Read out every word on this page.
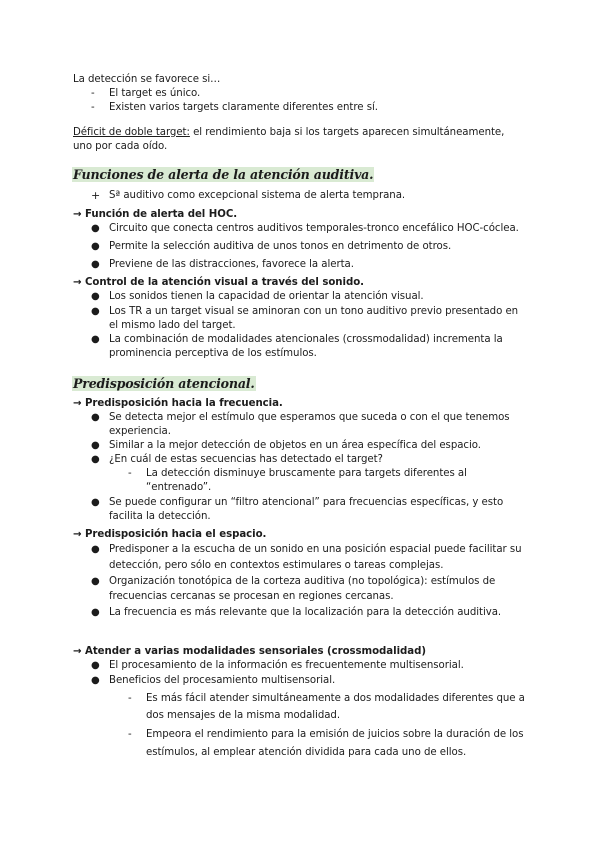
La detección se favorece si…
- El target es único.
- Existen varios targets claramente diferentes entre sí.
Déficit de doble target: el rendimiento baja si los targets aparecen simultáneamente,
uno por cada oído.
Funciones de alerta de la atención auditiva.
+ Sª auditivo como excepcional sistema de alerta temprana.
→ Función de alerta del HOC.
● Circuito que conecta centros auditivos temporales-tronco encefálico HOC-cóclea.
● Permite la selección auditiva de unos tonos en detrimento de otros.
● Previene de las distracciones, favorece la alerta.
→ Control de la atención visual a través del sonido.
● Los sonidos tienen la capacidad de orientar la atención visual.
● Los TR a un target visual se aminoran con un tono auditivo previo presentado en
el mismo lado del target.
● La combinación de modalidades atencionales (crossmodalidad) incrementa la
prominencia perceptiva de los estímulos.
Predisposición atencional.
→ Predisposición hacia la frecuencia.
● Se detecta mejor el estímulo que esperamos que suceda o con el que tenemos
experiencia.
● Similar a la mejor detección de objetos en un área específica del espacio.
● ¿En cuál de estas secuencias has detectado el target?
- La detección disminuye bruscamente para targets diferentes al
“entrenado”.
● Se puede configurar un “filtro atencional” para frecuencias específicas, y esto
facilita la detección.
→ Predisposición hacia el espacio.
● Predisponer a la escucha de un sonido en una posición espacial puede facilitar su
detección, pero sólo en contextos estimulares o tareas complejas.
● Organización tonotópica de la corteza auditiva (no topológica): estímulos de
frecuencias cercanas se procesan en regiones cercanas.
● La frecuencia es más relevante que la localización para la detección auditiva.
→ Atender a varias modalidades sensoriales (crossmodalidad)
● El procesamiento de la información es frecuentemente multisensorial.
● Beneficios del procesamiento multisensorial.
- Es más fácil atender simultáneamente a dos modalidades diferentes que a
dos mensajes de la misma modalidad.
- Empeora el rendimiento para la emisión de juicios sobre la duración de los
estímulos, al emplear atención dividida para cada uno de ellos.
